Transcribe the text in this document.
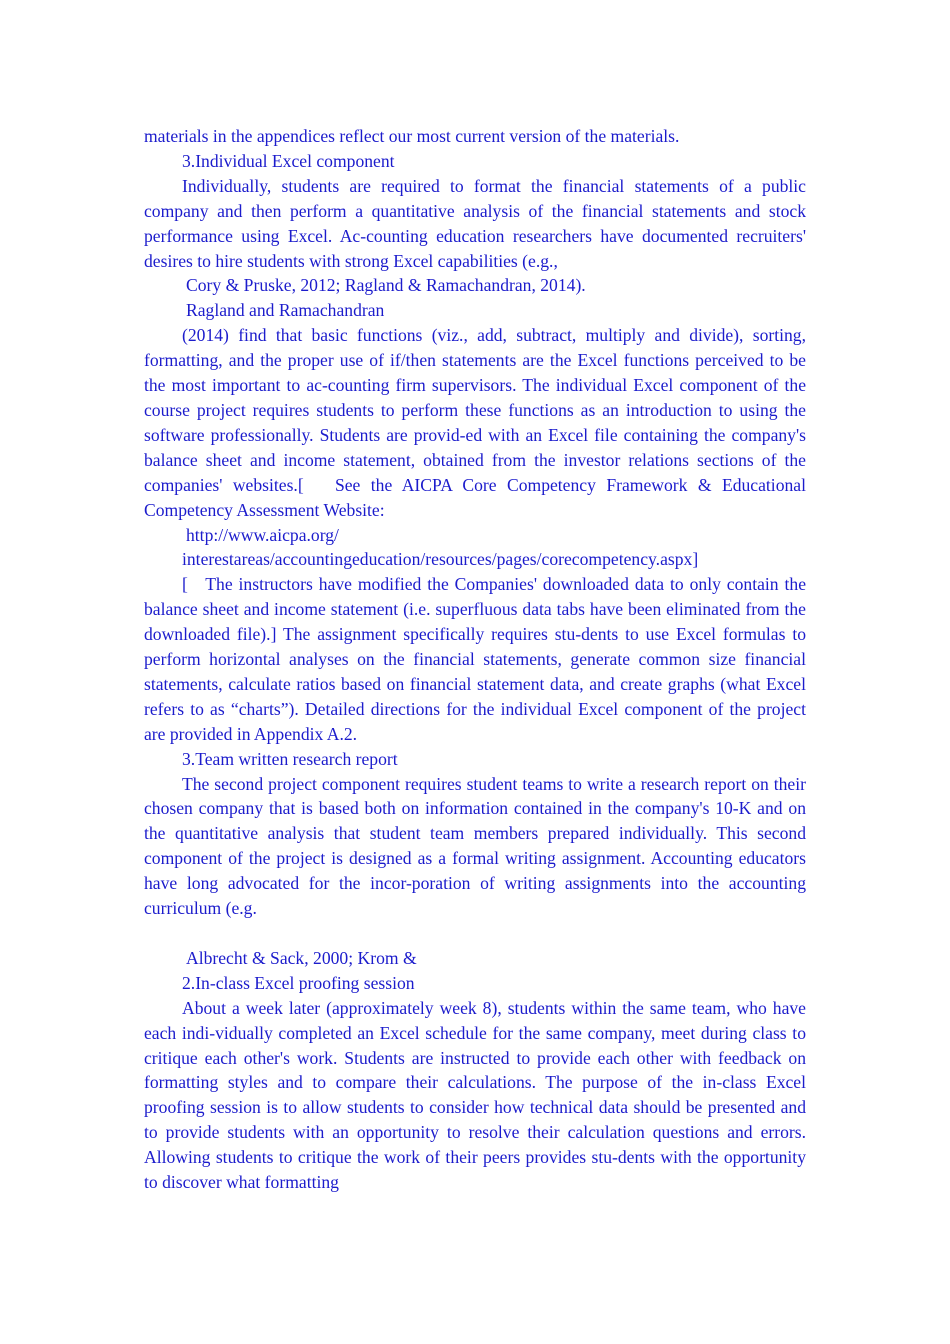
materials in the appendices reflect our most current version of the materials.

3.Individual Excel component

Individually, students are required to format the financial statements of a public company and then perform a quantitative analysis of the financial statements and stock performance using Excel. Ac-counting education researchers have documented recruiters' desires to hire students with strong Excel capabilities (e.g.,

Cory & Pruske, 2012; Ragland & Ramachandran, 2014).

Ragland and Ramachandran

(2014) find that basic functions (viz., add, subtract, multiply and divide), sorting, formatting, and the proper use of if/then statements are the Excel functions perceived to be the most important to ac-counting firm supervisors. The individual Excel component of the course project requires students to perform these functions as an introduction to using the software professionally. Students are provid-ed with an Excel file containing the company's balance sheet and income statement, obtained from the investor relations sections of the companies' websites.[   See the AICPA Core Competency Framework & Educational Competency Assessment Website:

http://www.aicpa.org/

interestareas/accountingeducation/resources/pages/corecompetency.aspx]

[   The instructors have modified the Companies' downloaded data to only contain the balance sheet and income statement (i.e. superfluous data tabs have been eliminated from the downloaded file).] The assignment specifically requires stu-dents to use Excel formulas to perform horizontal analyses on the financial statements, generate common size financial statements, calculate ratios based on financial statement data, and create graphs (what Excel refers to as “charts”). Detailed directions for the individual Excel component of the project are provided in Appendix A.2.

3.Team written research report

The second project component requires student teams to write a research report on their chosen company that is based both on information contained in the company's 10-K and on the quantitative analysis that student team members prepared individually. This second component of the project is designed as a formal writing assignment. Accounting educators have long advocated for the incor-poration of writing assignments into the accounting curriculum (e.g.

Albrecht & Sack, 2000; Krom &

2.In-class Excel proofing session

About a week later (approximately week 8), students within the same team, who have each indi-vidually completed an Excel schedule for the same company, meet during class to critique each other's work. Students are instructed to provide each other with feedback on formatting styles and to compare their calculations. The purpose of the in-class Excel proofing session is to allow students to consider how technical data should be presented and to provide students with an opportunity to resolve their calculation questions and errors. Allowing students to critique the work of their peers provides stu-dents with the opportunity to discover what formatting
